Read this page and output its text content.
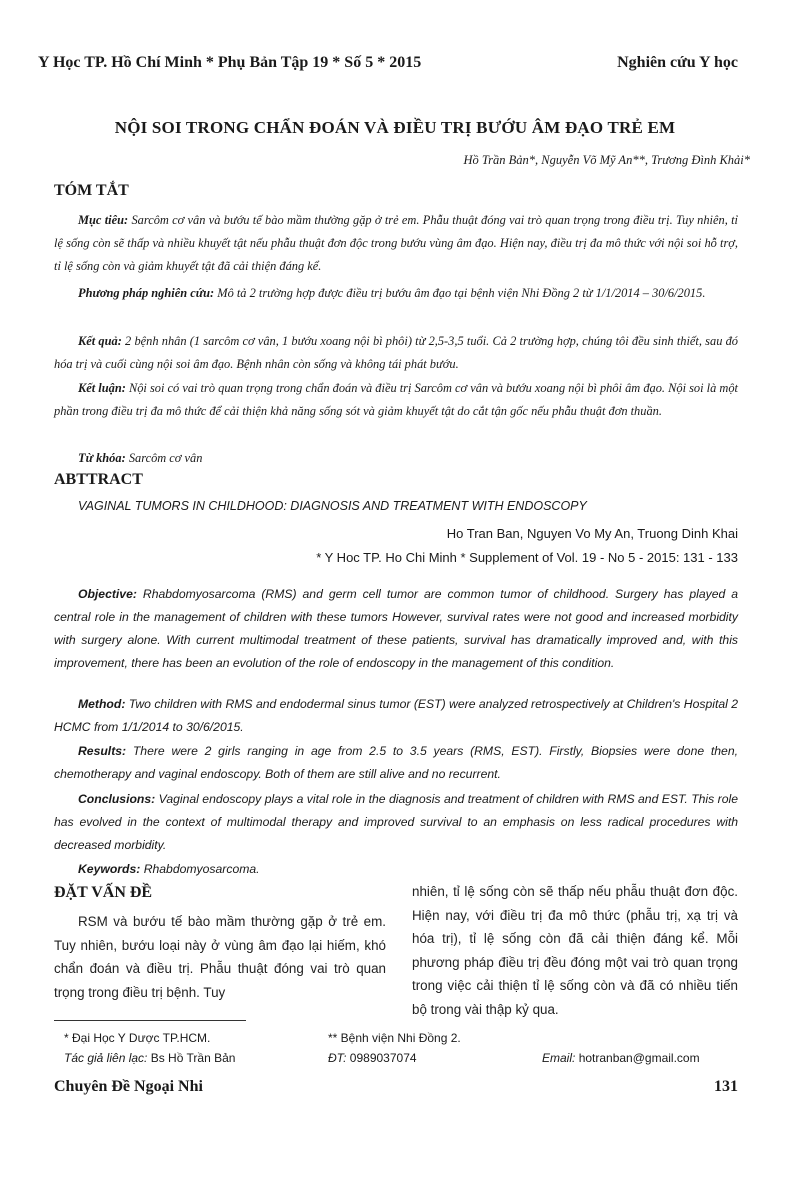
Y Học TP. Hồ Chí Minh * Phụ Bản Tập 19 * Số 5 * 2015	Nghiên cứu Y học
NỘI SOI TRONG CHẨN ĐOÁN VÀ ĐIỀU TRỊ BƯỚU ÂM ĐẠO TRẺ EM
Hồ Trần Bản*, Nguyễn Võ Mỹ An**, Trương Đình Khải*
TÓM TẮT
Mục tiêu: Sarcôm cơ vân và bướu tế bào mầm thường gặp ở trẻ em. Phẫu thuật đóng vai trò quan trọng trong điều trị. Tuy nhiên, tỉ lệ sống còn sẽ thấp và nhiều khuyết tật nếu phẫu thuật đơn độc trong bướu vùng âm đạo. Hiện nay, điều trị đa mô thức với nội soi hỗ trợ, tỉ lệ sống còn và giảm khuyết tật đã cải thiện đáng kể.
Phương pháp nghiên cứu: Mô tả 2 trường hợp được điều trị bướu âm đạo tại bệnh viện Nhi Đồng 2 từ 1/1/2014 – 30/6/2015.
Kết quả: 2 bệnh nhân (1 sarcôm cơ vân, 1 bướu xoang nội bì phôi) từ 2,5-3,5 tuổi. Cả 2 trường hợp, chúng tôi đều sinh thiết, sau đó hóa trị và cuối cùng nội soi âm đạo. Bệnh nhân còn sống và không tái phát bướu.
Kết luận: Nội soi có vai trò quan trọng trong chẩn đoán và điều trị Sarcôm cơ vân và bướu xoang nội bì phôi âm đạo. Nội soi là một phần trong điều trị đa mô thức để cải thiện khả năng sống sót và giảm khuyết tật do cắt tận gốc nếu phẫu thuật đơn thuần.
Từ khóa: Sarcôm cơ vân
ABTTRACT
VAGINAL TUMORS IN CHILDHOOD: DIAGNOSIS AND TREATMENT WITH ENDOSCOPY
Ho Tran Ban, Nguyen Vo My An, Truong Dinh Khai
* Y Hoc TP. Ho Chi Minh * Supplement of Vol. 19 - No 5 - 2015: 131 - 133
Objective: Rhabdomyosarcoma (RMS) and germ cell tumor are common tumor of childhood. Surgery has played a central role in the management of children with these tumors However, survival rates were not good and increased morbidity with surgery alone. With current multimodal treatment of these patients, survival has dramatically improved and, with this improvement, there has been an evolution of the role of endoscopy in the management of this condition.
Method: Two children with RMS and endodermal sinus tumor (EST) were analyzed retrospectively at Children's Hospital 2 HCMC from 1/1/2014 to 30/6/2015.
Results: There were 2 girls ranging in age from 2.5 to 3.5 years (RMS, EST). Firstly, Biopsies were done then, chemotherapy and vaginal endoscopy. Both of them are still alive and no recurrent.
Conclusions: Vaginal endoscopy plays a vital role in the diagnosis and treatment of children with RMS and EST. This role has evolved in the context of multimodal therapy and improved survival to an emphasis on less radical procedures with decreased morbidity.
Keywords: Rhabdomyosarcoma.
ĐẶT VẤN ĐỀ
RSM và bướu tế bào mầm thường gặp ở trẻ em. Tuy nhiên, bướu loại này ở vùng âm đạo lại hiếm, khó chẩn đoán và điều trị. Phẫu thuật đóng vai trò quan trọng trong điều trị bệnh. Tuy
nhiên, tỉ lệ sống còn sẽ thấp nếu phẫu thuật đơn độc. Hiện nay, với điều trị đa mô thức (phẫu trị, xạ trị và hóa trị), tỉ lệ sống còn đã cải thiện đáng kể. Mỗi phương pháp điều trị đều đóng một vai trò quan trọng trong việc cải thiện tỉ lệ sống còn và đã có nhiều tiến bộ trong vài thập kỷ qua.
* Đại Học Y Dược TP.HCM.	** Bệnh viện Nhi Đồng 2.
Tác giả liên lạc: Bs Hồ Trần Bản	ĐT: 0989037074	Email: hotranban@gmail.com
Chuyên Đề Ngoại Nhi	131
